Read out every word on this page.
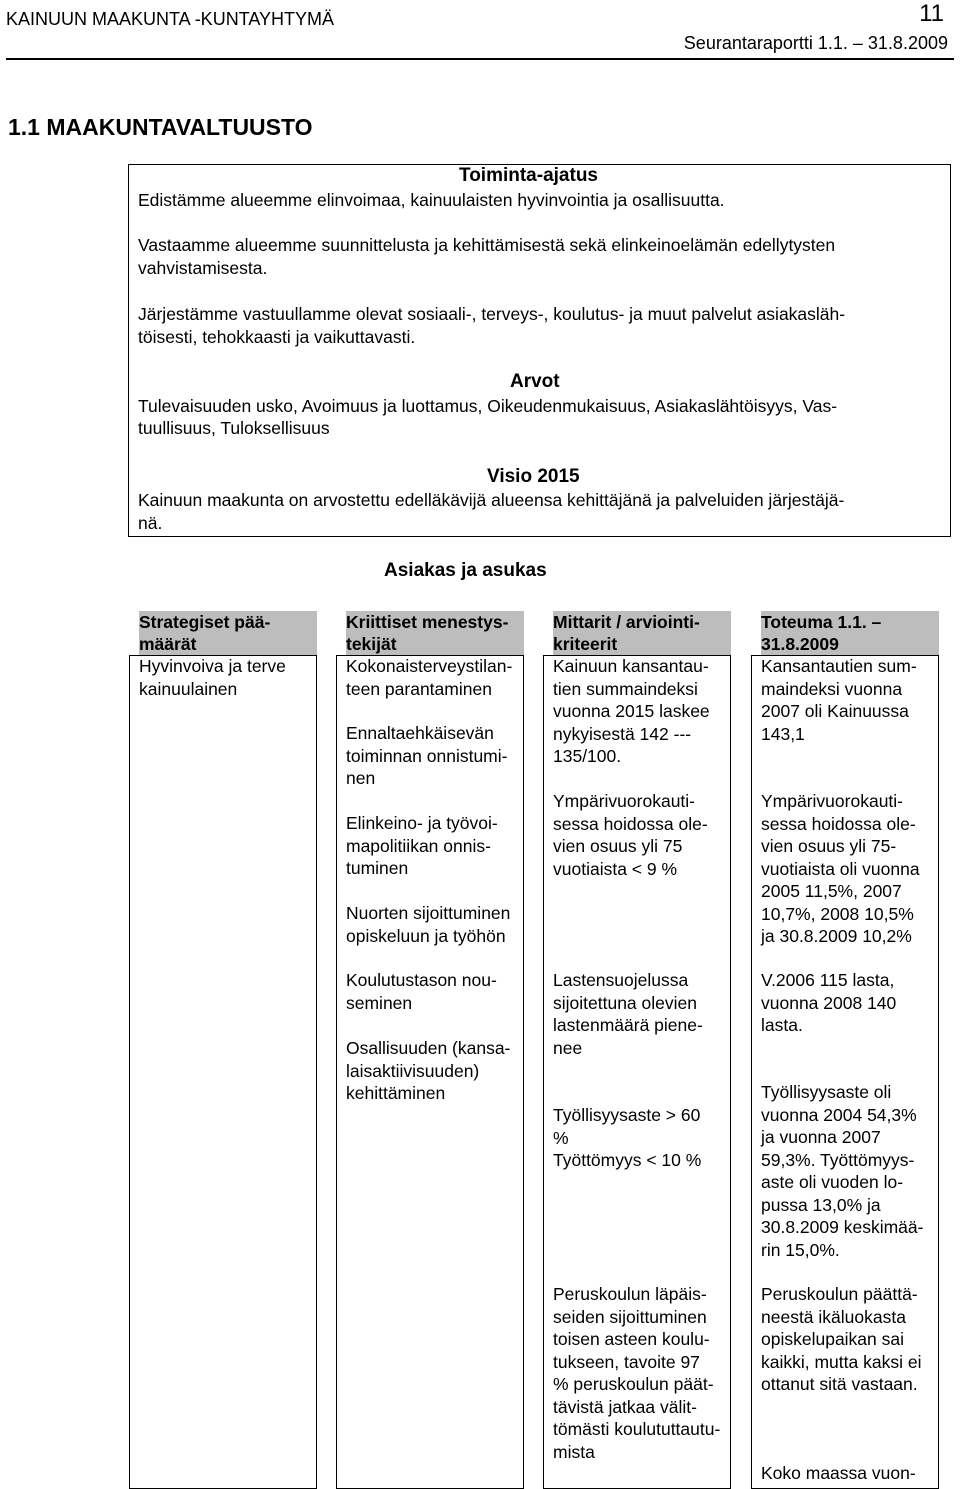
KAINUUN MAAKUNTA -KUNTAYHTYMÄ	11
Seurantaraportti 1.1. – 31.8.2009
1.1 MAAKUNTAVALTUUSTO
Toiminta-ajatus
Edistämme alueemme elinvoimaa, kainuulaisten hyvinvointia ja osallisuutta.
Vastaamme alueemme suunnittelusta ja kehittämisestä sekä elinkeinoelämän edellytysten
vahvistamisesta.
Järjestämme vastuullamme olevat sosiaali-, terveys-, koulutus- ja muut palvelut asiakasläh-
töisesti, tehokkaasti ja vaikuttavasti.
Arvot
Tulevaisuuden usko, Avoimuus ja luottamus, Oikeudenmukaisuus, Asiakaslähtöisyys, Vas-
tuullisuus, Tuloksellisuus
Visio 2015
Kainuun maakunta on arvostettu edelläkävijä alueensa kehittäjänä ja palveluiden järjestäjä-
nä.
Asiakas ja asukas
Strategiset pää-
määrät
Hyvinvoiva ja terve
kainuulainen
Kriittiset menestys-
tekijät
Kokonaisterveystilan-
teen parantaminen
Ennaltaehkäisevän
toiminnan onnistumi-
nen
Elinkeino- ja työvoi-
mapolitiikan onnis-
tuminen
Nuorten sijoittuminen
opiskeluun ja työhön
Koulutustason nou-
seminen
Osallisuuden (kansa-
laisaktiivisuuden)
kehittäminen
Mittarit / arviointi-
kriteerit
Kainuun kansantau-
tien summaindeksi
vuonna 2015 laskee
nykyisestä 142 ---
135/100.
Ympärivuorokauti-
sessa hoidossa ole-
vien osuus yli 75
vuotiaista < 9 %
Lastensuojelussa
sijoitettuna olevien
lastenmäärä piene-
nee
Työllisyysaste > 60
%
Työttömyys < 10 %
Peruskoulun läpäis-
seiden sijoittuminen
toisen asteen koulu-
tukseen, tavoite 97
% peruskoulun päät-
tävistä jatkaa välit-
tömästi koulututtautu-
mista
Toteuma 1.1. –
31.8.2009
Kansantautien sum-
maindeksi vuonna
2007 oli Kainuussa
143,1
Ympärivuorokauti-
sessa hoidossa ole-
vien osuus yli 75-
vuotiaista oli vuonna
2005 11,5%, 2007
10,7%, 2008 10,5%
ja 30.8.2009 10,2%
V.2006 115 lasta,
vuonna 2008 140
lasta.
Työllisyysaste oli
vuonna 2004 54,3%
ja vuonna 2007
59,3%. Työttömyys-
aste oli vuoden lo-
pussa 13,0% ja
30.8.2009 keskimää-
rin 15,0%.
Peruskoulun päättä-
neestä ikäluokasta
opiskelupaikan sai
kaikki, mutta kaksi ei
ottanut sitä vastaan.
Koko maassa vuon-
